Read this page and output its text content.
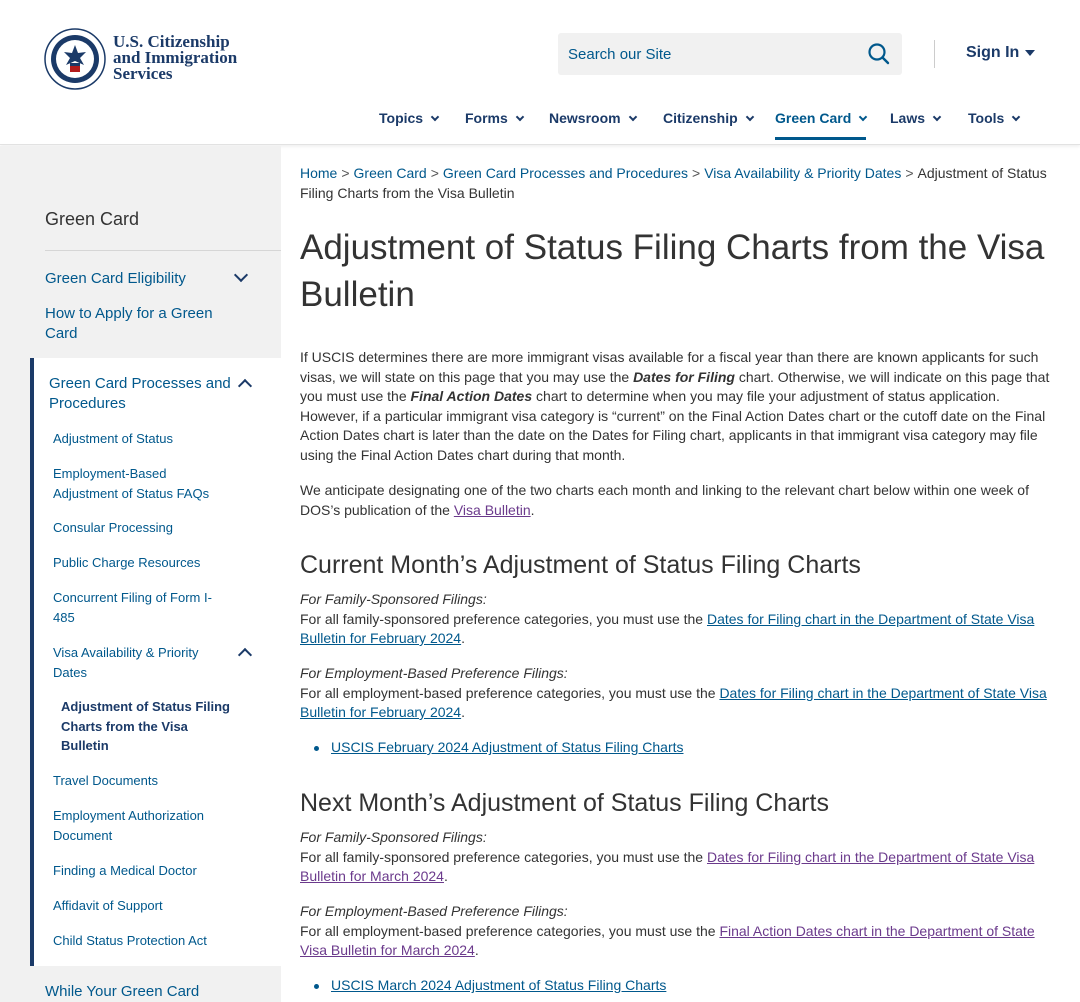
U.S. Citizenship
and Immigration
Services
Search our Site
Sign In
Topics	Forms	Newsroom	Citizenship	Green Card	Laws	Tools
Green Card
Green Card Eligibility
How to Apply for a Green Card
Green Card Processes and Procedures
Adjustment of Status
Employment-Based Adjustment of Status FAQs
Consular Processing
Public Charge Resources
Concurrent Filing of Form I-485
Visa Availability & Priority Dates
Adjustment of Status Filing Charts from the Visa Bulletin
Travel Documents
Employment Authorization Document
Finding a Medical Doctor
Affidavit of Support
Child Status Protection Act
While Your Green Card
Home > Green Card > Green Card Processes and Procedures > Visa Availability & Priority Dates > Adjustment of Status Filing Charts from the Visa Bulletin
Adjustment of Status Filing Charts from the Visa Bulletin

If USCIS determines there are more immigrant visas available for a fiscal year than there are known applicants for such visas, we will state on this page that you may use the Dates for Filing chart. Otherwise, we will indicate on this page that you must use the Final Action Dates chart to determine when you may file your adjustment of status application. However, if a particular immigrant visa category is “current” on the Final Action Dates chart or the cutoff date on the Final Action Dates chart is later than the date on the Dates for Filing chart, applicants in that immigrant visa category may file using the Final Action Dates chart during that month.

We anticipate designating one of the two charts each month and linking to the relevant chart below within one week of DOS’s publication of the Visa Bulletin.

Current Month’s Adjustment of Status Filing Charts

For Family-Sponsored Filings:
For all family-sponsored preference categories, you must use the Dates for Filing chart in the Department of State Visa Bulletin for February 2024.

For Employment-Based Preference Filings:
For all employment-based preference categories, you must use the Dates for Filing chart in the Department of State Visa Bulletin for February 2024.

USCIS February 2024 Adjustment of Status Filing Charts
Next Month’s Adjustment of Status Filing Charts

For Family-Sponsored Filings:
For all family-sponsored preference categories, you must use the Dates for Filing chart in the Department of State Visa Bulletin for March 2024.

For Employment-Based Preference Filings:
For all employment-based preference categories, you must use the Final Action Dates chart in the Department of State Visa Bulletin for March 2024.

USCIS March 2024 Adjustment of Status Filing Charts
